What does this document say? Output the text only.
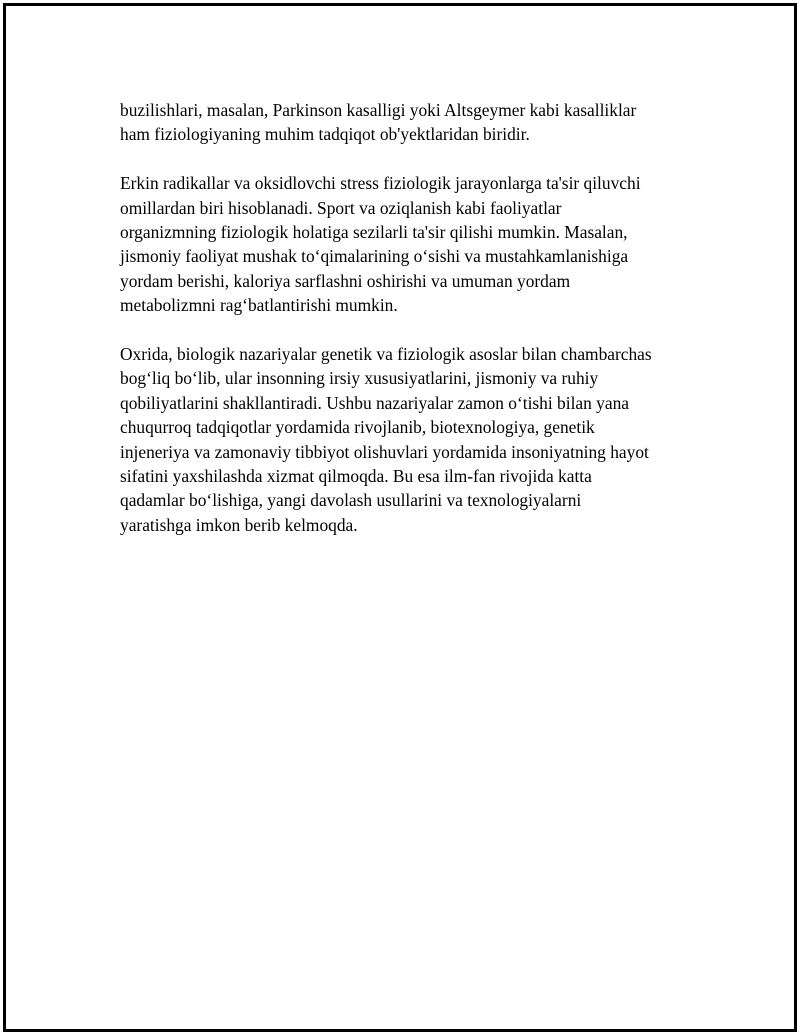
buzilishlari, masalan, Parkinson kasalligi yoki Altsgeymer kabi kasalliklar
ham fiziologiyaning muhim tadqiqot ob'yektlaridan biridir.

Erkin radikallar va oksidlovchi stress fiziologik jarayonlarga ta'sir qiluvchi
omillardan biri hisoblanadi. Sport va oziqlanish kabi faoliyatlar
organizmning fiziologik holatiga sezilarli ta'sir qilishi mumkin. Masalan,
jismoniy faoliyat mushak to‘qimalarining o‘sishi va mustahkamlanishiga
yordam berishi, kaloriya sarflashni oshirishi va umuman yordam
metabolizmni rag‘batlantirishi mumkin.

Oxrida, biologik nazariyalar genetik va fiziologik asoslar bilan chambarchas
bog‘liq bo‘lib, ular insonning irsiy xususiyatlarini, jismoniy va ruhiy
qobiliyatlarini shakllantiradi. Ushbu nazariyalar zamon o‘tishi bilan yana
chuqurroq tadqiqotlar yordamida rivojlanib, biotexnologiya, genetik
injeneriya va zamonaviy tibbiyot olishuvlari yordamida insoniyatning hayot
sifatini yaxshilashda xizmat qilmoqda. Bu esa ilm-fan rivojida katta
qadamlar bo‘lishiga, yangi davolash usullarini va texnologiyalarni
yaratishga imkon berib kelmoqda.
